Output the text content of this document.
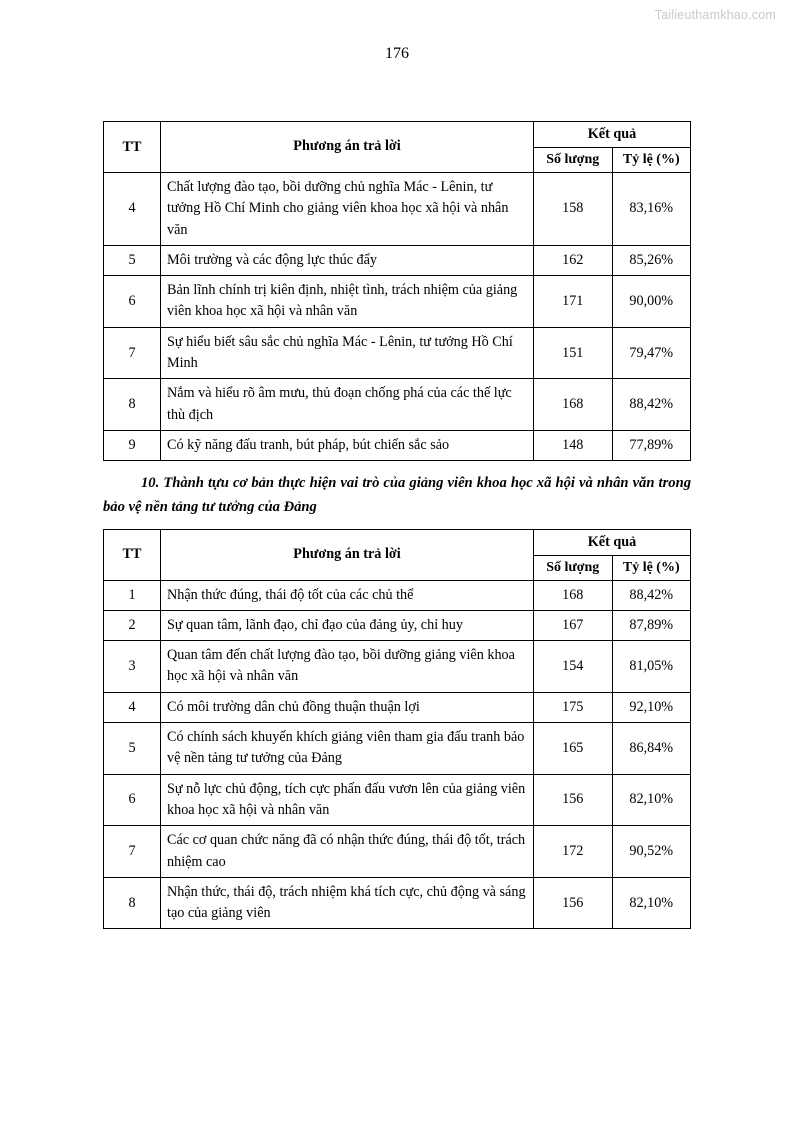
Tailieuthamkhao.com
176
TT	Phương án trả lời	Kết quả	
		Số lượng	Tỷ lệ (%)
4	Chất lượng đào tạo, bồi dưỡng chủ nghĩa Mác - Lênin, tư tưởng Hồ Chí Minh cho giảng viên khoa học xã hội và nhân văn	158	83,16%
5	Môi trường và các động lực thúc đẩy	162	85,26%
6	Bản lĩnh chính trị kiên định, nhiệt tình, trách nhiệm của giảng viên khoa học xã hội và nhân văn	171	90,00%
7	Sự hiểu biết sâu sắc chủ nghĩa Mác - Lênin, tư tưởng Hồ Chí Minh	151	79,47%
8	Nắm và hiểu rõ âm mưu, thủ đoạn chống phá của các thế lực thù địch	168	88,42%
9	Có kỹ năng đấu tranh, bút pháp, bút chiến sắc sảo	148	77,89%
10. Thành tựu cơ bản thực hiện vai trò của giảng viên khoa học xã hội và nhân văn trong bảo vệ nền tảng tư tưởng của Đảng
TT	Phương án trả lời	Kết quả	
		Số lượng	Tỷ lệ (%)
1	Nhận thức đúng, thái độ tốt của các chủ thể	168	88,42%
2	Sự quan tâm, lãnh đạo, chỉ đạo của đảng ủy, chỉ huy	167	87,89%
3	Quan tâm đến chất lượng đào tạo, bồi dưỡng giảng viên khoa học xã hội và nhân văn	154	81,05%
4	Có môi trường dân chủ đồng thuận thuận lợi	175	92,10%
5	Có chính sách khuyến khích giảng viên tham gia đấu tranh bảo vệ nền tảng tư tưởng của Đảng	165	86,84%
6	Sự nỗ lực chủ động, tích cực phấn đấu vươn lên của giảng viên khoa học xã hội và nhân văn	156	82,10%
7	Các cơ quan chức năng đã có nhận thức đúng, thái độ tốt, trách nhiệm cao	172	90,52%
8	Nhận thức, thái độ, trách nhiệm khá tích cực, chủ động và sáng tạo của giảng viên	156	82,10%
